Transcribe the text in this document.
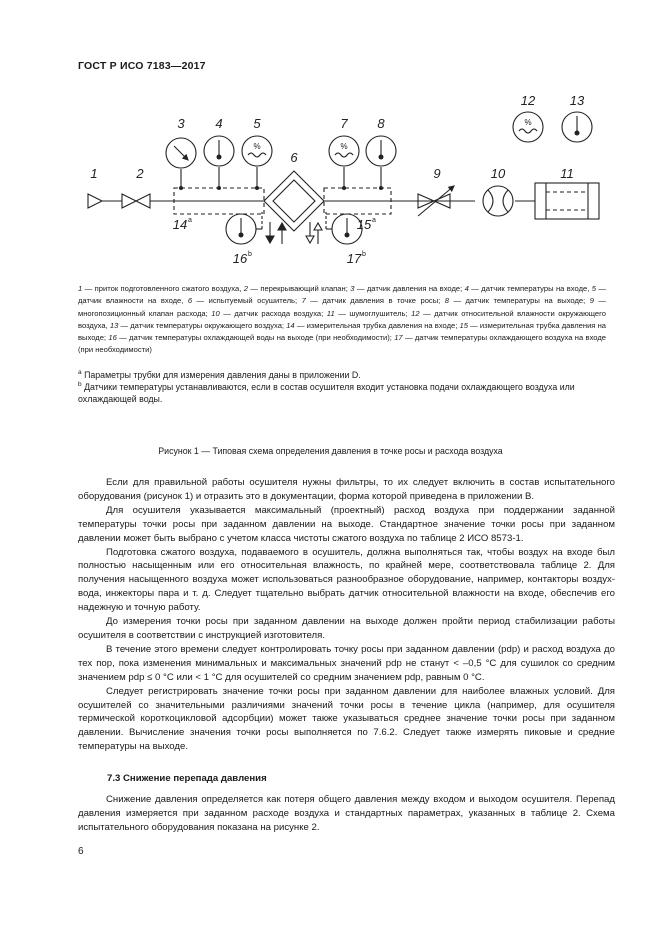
ГОСТ Р ИСО 7183—2017
%	%
%
1	2
3 4 5
6
7 8
9	10	11
12	13
14	15
16	17
a	a
b	b
1 — приток подготовленного сжатого воздуха, 2 — перекрывающий клапан; 3 — датчик давления на входе; 4 — датчик температуры на входе, 5 — датчик влажности на входе, 6 — испытуемый осушитель; 7 — датчик давления в точке росы; 8 — датчик температуры на выходе; 9 — многопозиционный клапан расхода; 10 — датчик расхода воздуха; 11 — шумоглушитель; 12 — датчик относительной влажности окружающего воздуха, 13 — датчик температуры окружающего воздуха; 14 — измерительная трубка давления на входе; 15 — измерительная трубка давления на выходе; 16 — датчик температуры охлаждающей воды на выходе (при необходимости); 17 — датчик температуры охлаждающего воздуха на входе (при необходимости)
$^a$ Параметры трубки для измерения давления даны в приложении D.
$^b$ Датчики температуры устанавливаются, если в состав осушителя входит установка подачи охлаждающего воздуха или охлаждающей воды.
Рисунок 1 — Типовая схема определения давления в точке росы и расхода воздуха

Если для правильной работы осушителя нужны фильтры, то их следует включить в состав испытательного оборудования (рисунок 1) и отразить это в документации, форма которой приведена в приложении B.

Для осушителя указывается максимальный (проектный) расход воздуха при поддержании заданной температуры точки росы при заданном давлении на выходе. Стандартное значение точки росы при заданном давлении может быть выбрано с учетом класса чистоты сжатого воздуха по таблице 2 ИСО 8573-1.

Подготовка сжатого воздуха, подаваемого в осушитель, должна выполняться так, чтобы воздух на входе был полностью насыщенным или его относительная влажность, по крайней мере, соответствовала таблице 2. Для получения насыщенного воздуха может использоваться разнообразное оборудование, например, контакторы воздух-вода, инжекторы пара и т. д. Следует тщательно выбрать датчик относительной влажности на входе, обеспечив его надежную и точную работу.

До измерения точки росы при заданном давлении на выходе должен пройти период стабилизации работы осушителя в соответствии с инструкцией изготовителя.

В течение этого времени следует контролировать точку росы при заданном давлении (pdp) и расход воздуха до тех пор, пока изменения минимальных и максимальных значений pdp не станут < –0,5 °C для сушилок со средним значением pdp ≤ 0 °C или < 1 °C для осушителей со средним значением pdp, равным 0 °C.

Следует регистрировать значение точки росы при заданном давлении для наиболее влажных условий. Для осушителей со значительными различиями значений точки росы в течение цикла (например, для осушителя термической короткоцикловой адсорбции) может также указываться среднее значение точки росы при заданном давлении. Вычисление значения точки росы выполняется по 7.6.2. Следует также измерять пиковые и средние температуры на выходе.

7.3 Снижение перепада давления

Снижение давления определяется как потеря общего давления между входом и выходом осушителя. Перепад давления измеряется при заданном расходе воздуха и стандартных параметрах, указанных в таблице 2. Схема испытательного оборудования показана на рисунке 2.

6
